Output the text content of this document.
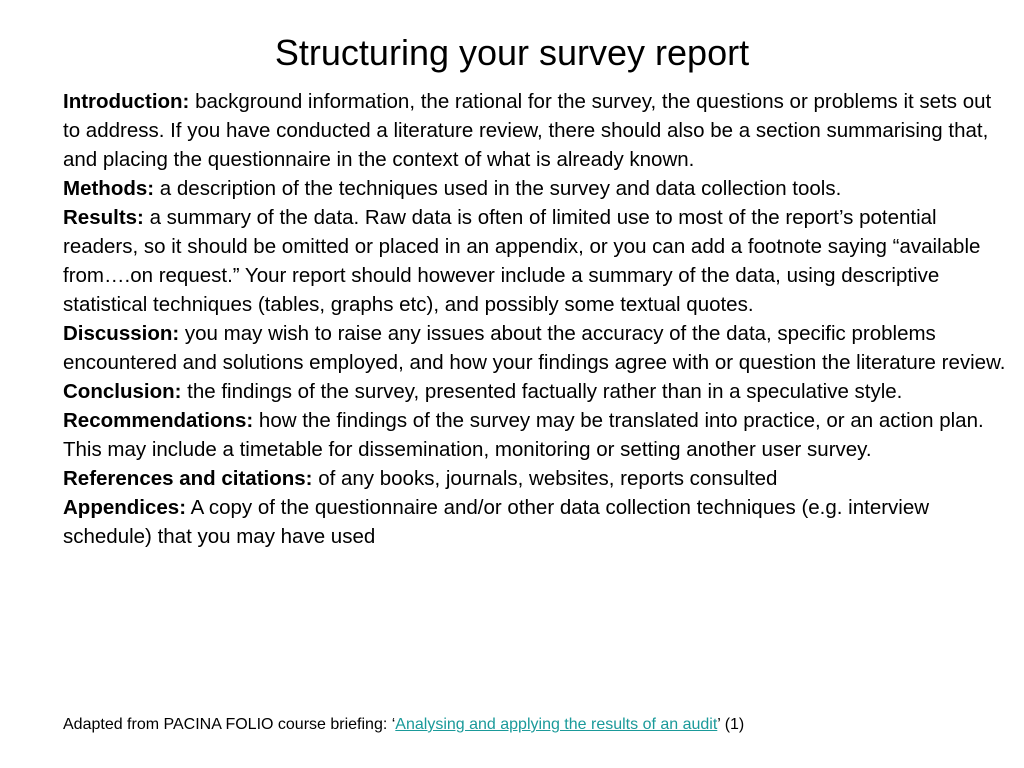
Structuring your survey report

Introduction: background information, the rational for the survey, the questions or problems it sets out to address. If you have conducted a literature review, there should also be a section summarising that, and placing the questionnaire in the context of what is already known.

Methods: a description of the techniques used in the survey and data collection tools.

Results: a summary of the data. Raw data is often of limited use to most of the report’s potential readers, so it should be omitted or placed in an appendix, or you can add a footnote saying “available from….on request.” Your report should however include a summary of the data, using descriptive statistical techniques (tables, graphs etc), and possibly some textual quotes.

Discussion: you may wish to raise any issues about the accuracy of the data, specific problems encountered and solutions employed, and how your findings agree with or question the literature review.

Conclusion: the findings of the survey, presented factually rather than in a speculative style.

Recommendations: how the findings of the survey may be translated into practice, or an action plan. This may include a timetable for dissemination, monitoring or setting another user survey.

References and citations: of any books, journals, websites, reports consulted

Appendices: A copy of the questionnaire and/or other data collection techniques (e.g. interview schedule) that you may have used

Adapted from PACINA FOLIO course briefing: ‘Analysing and applying the results of an audit’ (1)
